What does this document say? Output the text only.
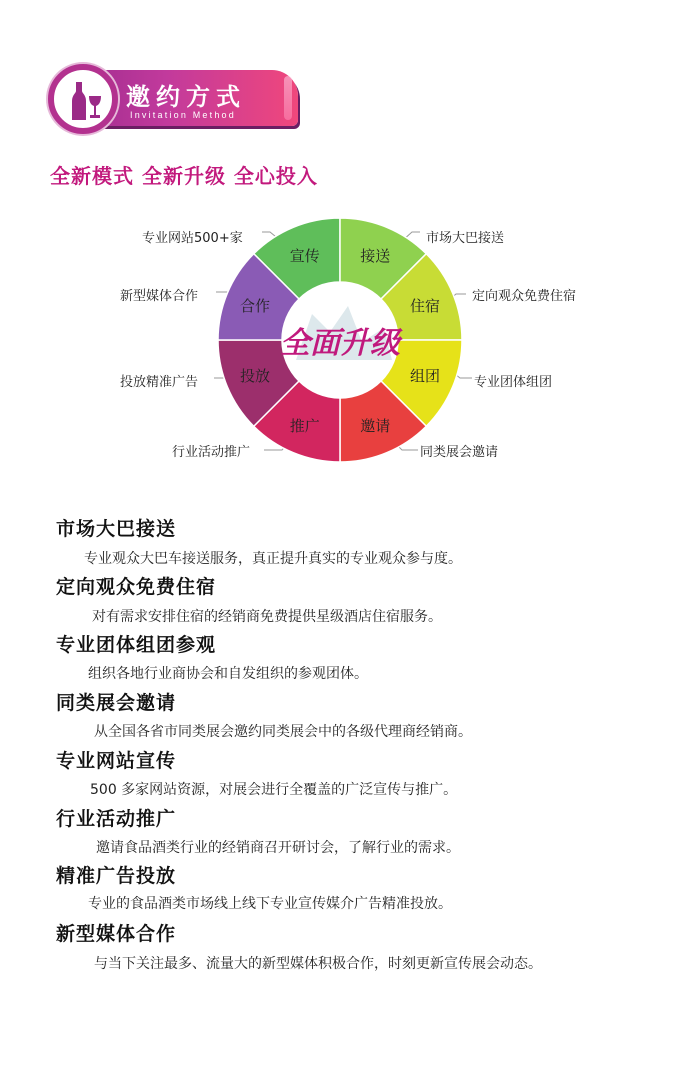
邀约方式
Invitation Method
全新模式 全新升级 全心投入
宣传	接送
住宿
组团
邀请
推广
投放
合作
全面升级
专业网站500+家
新型媒体合作
投放精准广告
行业活动推广
市场大巴接送
定向观众免费住宿
专业团体组团
同类展会邀请
市场大巴接送
专业观众大巴车接送服务，真正提升真实的专业观众参与度。
定向观众免费住宿
对有需求安排住宿的经销商免费提供星级酒店住宿服务。
专业团体组团参观
组织各地行业商协会和自发组织的参观团体。
同类展会邀请
从全国各省市同类展会邀约同类展会中的各级代理商经销商。
专业网站宣传
500 多家网站资源，对展会进行全覆盖的广泛宣传与推广。
行业活动推广
邀请食品酒类行业的经销商召开研讨会，了解行业的需求。
精准广告投放
专业的食品酒类市场线上线下专业宣传媒介广告精准投放。
新型媒体合作
与当下关注最多、流量大的新型媒体积极合作，时刻更新宣传展会动态。
